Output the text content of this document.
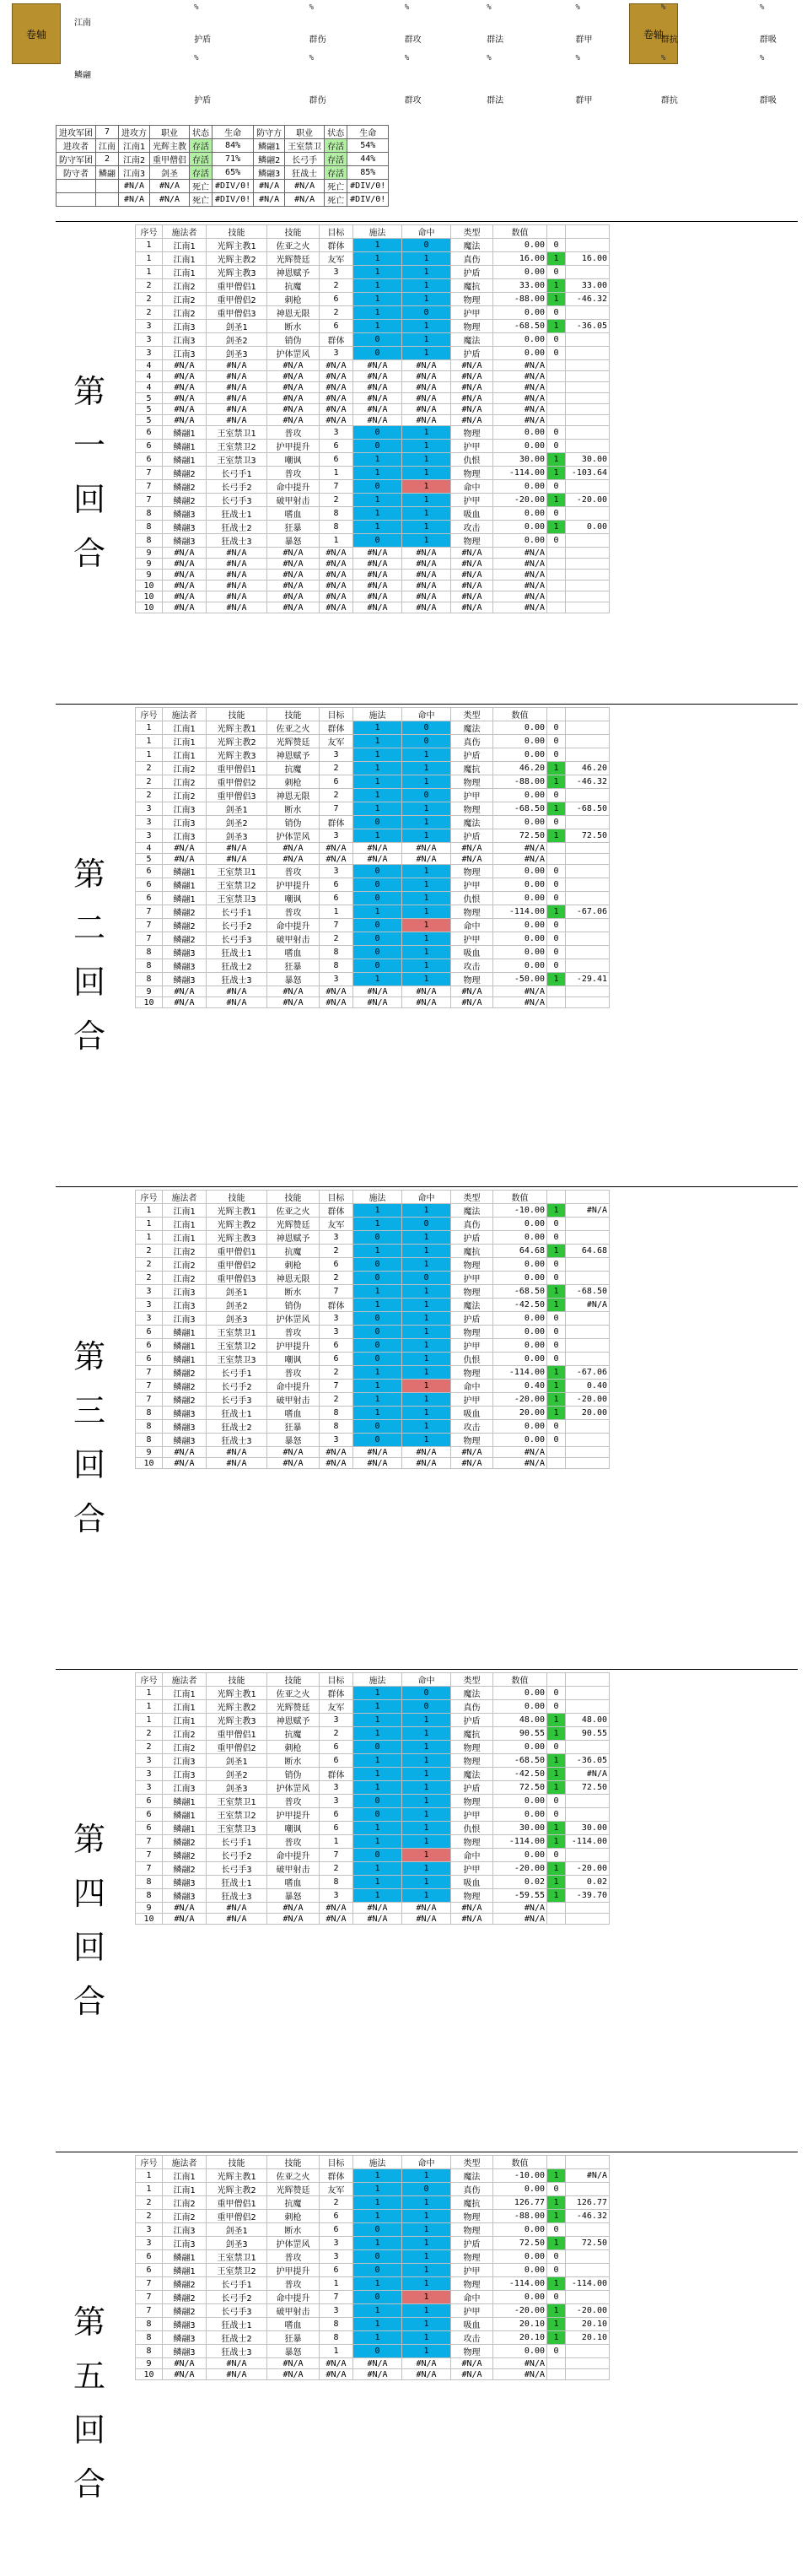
卷轴	卷轴
江南
鳞翮
%
护盾
%
群伤
%
群攻
%
群法
%
群甲
%
群抗
%
群吸
%
护盾
%
群伤
%
群攻
%
群法
%
群甲
%
群抗
%
群吸
进攻军团	7	进攻方	职业	状态	生命	防守方	职业	状态	生命
进攻者	江南	江南1	光辉主教	存活	84%	鳞翮1	王室禁卫	存活	54%
防守军团	2	江南2	重甲僧侣	存活	71%	鳞翮2	长弓手	存活	44%
防守者	鳞翮	江南3	剑圣	存活	65%	鳞翮3	狂战士	存活	85%
		#N/A	#N/A	死亡	#DIV/0!	#N/A	#N/A	死亡	#DIV/0!
		#N/A	#N/A	死亡	#DIV/0!	#N/A	#N/A	死亡	#DIV/0!
第
一
回
合
序号	施法者	技能	技能	目标	施法	命中	类型	数值		
1	江南1	光辉主教1	佐亚之火	群体	1	0	魔法	0.00	0	
1	江南1	光辉主教2	光辉赞廷	友军	1	1	真伤	16.00	1	16.00
1	江南1	光辉主教3	神恩赋予	3	1	1	护盾	0.00	0	
2	江南2	重甲僧侣1	抗魔	2	1	1	魔抗	33.00	1	33.00
2	江南2	重甲僧侣2	刺枪	6	1	1	物理	-88.00	1	-46.32
2	江南2	重甲僧侣3	神恩无限	2	1	0	护甲	0.00	0	
3	江南3	剑圣1	断水	6	1	1	物理	-68.50	1	-36.05
3	江南3	剑圣2	销伪	群体	0	1	魔法	0.00	0	
3	江南3	剑圣3	护体罡风	3	0	1	护盾	0.00	0	
4	#N/A	#N/A	#N/A	#N/A	#N/A	#N/A	#N/A	#N/A		
4	#N/A	#N/A	#N/A	#N/A	#N/A	#N/A	#N/A	#N/A		
4	#N/A	#N/A	#N/A	#N/A	#N/A	#N/A	#N/A	#N/A		
5	#N/A	#N/A	#N/A	#N/A	#N/A	#N/A	#N/A	#N/A		
5	#N/A	#N/A	#N/A	#N/A	#N/A	#N/A	#N/A	#N/A		
5	#N/A	#N/A	#N/A	#N/A	#N/A	#N/A	#N/A	#N/A		
6	鳞翮1	王室禁卫1	普攻	3	0	1	物理	0.00	0	
6	鳞翮1	王室禁卫2	护甲提升	6	0	1	护甲	0.00	0	
6	鳞翮1	王室禁卫3	嘲讽	6	1	1	仇恨	30.00	1	30.00
7	鳞翮2	长弓手1	普攻	1	1	1	物理	-114.00	1	-103.64
7	鳞翮2	长弓手2	命中提升	7	0	1	命中	0.00	0	
7	鳞翮2	长弓手3	破甲射击	2	1	1	护甲	-20.00	1	-20.00
8	鳞翮3	狂战士1	嗜血	8	1	1	吸血	0.00	0	
8	鳞翮3	狂战士2	狂暴	8	1	1	攻击	0.00	1	0.00
8	鳞翮3	狂战士3	暴怒	1	0	1	物理	0.00	0	
9	#N/A	#N/A	#N/A	#N/A	#N/A	#N/A	#N/A	#N/A		
9	#N/A	#N/A	#N/A	#N/A	#N/A	#N/A	#N/A	#N/A		
9	#N/A	#N/A	#N/A	#N/A	#N/A	#N/A	#N/A	#N/A		
10	#N/A	#N/A	#N/A	#N/A	#N/A	#N/A	#N/A	#N/A		
10	#N/A	#N/A	#N/A	#N/A	#N/A	#N/A	#N/A	#N/A		
10	#N/A	#N/A	#N/A	#N/A	#N/A	#N/A	#N/A	#N/A		
第
二
回
合
序号	施法者	技能	技能	目标	施法	命中	类型	数值		
1	江南1	光辉主教1	佐亚之火	群体	1	0	魔法	0.00	0	
1	江南1	光辉主教2	光辉赞廷	友军	1	0	真伤	0.00	0	
1	江南1	光辉主教3	神恩赋予	3	1	1	护盾	0.00	0	
2	江南2	重甲僧侣1	抗魔	2	1	1	魔抗	46.20	1	46.20
2	江南2	重甲僧侣2	刺枪	6	1	1	物理	-88.00	1	-46.32
2	江南2	重甲僧侣3	神恩无限	2	1	0	护甲	0.00	0	
3	江南3	剑圣1	断水	7	1	1	物理	-68.50	1	-68.50
3	江南3	剑圣2	销伪	群体	0	1	魔法	0.00	0	
3	江南3	剑圣3	护体罡风	3	1	1	护盾	72.50	1	72.50
4	#N/A	#N/A	#N/A	#N/A	#N/A	#N/A	#N/A	#N/A		
5	#N/A	#N/A	#N/A	#N/A	#N/A	#N/A	#N/A	#N/A		
6	鳞翮1	王室禁卫1	普攻	3	0	1	物理	0.00	0	
6	鳞翮1	王室禁卫2	护甲提升	6	0	1	护甲	0.00	0	
6	鳞翮1	王室禁卫3	嘲讽	6	0	1	仇恨	0.00	0	
7	鳞翮2	长弓手1	普攻	1	1	1	物理	-114.00	1	-67.06
7	鳞翮2	长弓手2	命中提升	7	0	1	命中	0.00	0	
7	鳞翮2	长弓手3	破甲射击	2	0	1	护甲	0.00	0	
8	鳞翮3	狂战士1	嗜血	8	0	1	吸血	0.00	0	
8	鳞翮3	狂战士2	狂暴	8	0	1	攻击	0.00	0	
8	鳞翮3	狂战士3	暴怒	3	1	1	物理	-50.00	1	-29.41
9	#N/A	#N/A	#N/A	#N/A	#N/A	#N/A	#N/A	#N/A		
10	#N/A	#N/A	#N/A	#N/A	#N/A	#N/A	#N/A	#N/A		
第
三
回
合
序号	施法者	技能	技能	目标	施法	命中	类型	数值		
1	江南1	光辉主教1	佐亚之火	群体	1	1	魔法	-10.00	1	#N/A
1	江南1	光辉主教2	光辉赞廷	友军	1	0	真伤	0.00	0	
1	江南1	光辉主教3	神恩赋予	3	0	1	护盾	0.00	0	
2	江南2	重甲僧侣1	抗魔	2	1	1	魔抗	64.68	1	64.68
2	江南2	重甲僧侣2	刺枪	6	0	1	物理	0.00	0	
2	江南2	重甲僧侣3	神恩无限	2	0	0	护甲	0.00	0	
3	江南3	剑圣1	断水	7	1	1	物理	-68.50	1	-68.50
3	江南3	剑圣2	销伪	群体	1	1	魔法	-42.50	1	#N/A
3	江南3	剑圣3	护体罡风	3	0	1	护盾	0.00	0	
6	鳞翮1	王室禁卫1	普攻	3	0	1	物理	0.00	0	
6	鳞翮1	王室禁卫2	护甲提升	6	0	1	护甲	0.00	0	
6	鳞翮1	王室禁卫3	嘲讽	6	0	1	仇恨	0.00	0	
7	鳞翮2	长弓手1	普攻	2	1	1	物理	-114.00	1	-67.06
7	鳞翮2	长弓手2	命中提升	7	1	1	命中	0.40	1	0.40
7	鳞翮2	长弓手3	破甲射击	2	1	1	护甲	-20.00	1	-20.00
8	鳞翮3	狂战士1	嗜血	8	1	1	吸血	20.00	1	20.00
8	鳞翮3	狂战士2	狂暴	8	0	1	攻击	0.00	0	
8	鳞翮3	狂战士3	暴怒	3	0	1	物理	0.00	0	
9	#N/A	#N/A	#N/A	#N/A	#N/A	#N/A	#N/A	#N/A		
10	#N/A	#N/A	#N/A	#N/A	#N/A	#N/A	#N/A	#N/A		
第
四
回
合
序号	施法者	技能	技能	目标	施法	命中	类型	数值		
1	江南1	光辉主教1	佐亚之火	群体	1	0	魔法	0.00	0	
1	江南1	光辉主教2	光辉赞廷	友军	1	0	真伤	0.00	0	
1	江南1	光辉主教3	神恩赋予	3	1	1	护盾	48.00	1	48.00
2	江南2	重甲僧侣1	抗魔	2	1	1	魔抗	90.55	1	90.55
2	江南2	重甲僧侣2	刺枪	6	0	1	物理	0.00	0	
3	江南3	剑圣1	断水	6	1	1	物理	-68.50	1	-36.05
3	江南3	剑圣2	销伪	群体	1	1	魔法	-42.50	1	#N/A
3	江南3	剑圣3	护体罡风	3	1	1	护盾	72.50	1	72.50
6	鳞翮1	王室禁卫1	普攻	3	0	1	物理	0.00	0	
6	鳞翮1	王室禁卫2	护甲提升	6	0	1	护甲	0.00	0	
6	鳞翮1	王室禁卫3	嘲讽	6	1	1	仇恨	30.00	1	30.00
7	鳞翮2	长弓手1	普攻	1	1	1	物理	-114.00	1	-114.00
7	鳞翮2	长弓手2	命中提升	7	0	1	命中	0.00	0	
7	鳞翮2	长弓手3	破甲射击	2	1	1	护甲	-20.00	1	-20.00
8	鳞翮3	狂战士1	嗜血	8	1	1	吸血	0.02	1	0.02
8	鳞翮3	狂战士3	暴怒	3	1	1	物理	-59.55	1	-39.70
9	#N/A	#N/A	#N/A	#N/A	#N/A	#N/A	#N/A	#N/A		
10	#N/A	#N/A	#N/A	#N/A	#N/A	#N/A	#N/A	#N/A		
第
五
回
合
序号	施法者	技能	技能	目标	施法	命中	类型	数值		
1	江南1	光辉主教1	佐亚之火	群体	1	1	魔法	-10.00	1	#N/A
1	江南1	光辉主教2	光辉赞廷	友军	1	0	真伤	0.00	0	
2	江南2	重甲僧侣1	抗魔	2	1	1	魔抗	126.77	1	126.77
2	江南2	重甲僧侣2	刺枪	6	1	1	物理	-88.00	1	-46.32
3	江南3	剑圣1	断水	6	0	1	物理	0.00	0	
3	江南3	剑圣3	护体罡风	3	1	1	护盾	72.50	1	72.50
6	鳞翮1	王室禁卫1	普攻	3	0	1	物理	0.00	0	
6	鳞翮1	王室禁卫2	护甲提升	6	0	1	护甲	0.00	0	
7	鳞翮2	长弓手1	普攻	1	1	1	物理	-114.00	1	-114.00
7	鳞翮2	长弓手2	命中提升	7	0	1	命中	0.00	0	
7	鳞翮2	长弓手3	破甲射击	3	1	1	护甲	-20.00	1	-20.00
8	鳞翮3	狂战士1	嗜血	8	1	1	吸血	20.10	1	20.10
8	鳞翮3	狂战士2	狂暴	8	1	1	攻击	20.10	1	20.10
8	鳞翮3	狂战士3	暴怒	1	0	1	物理	0.00	0	
9	#N/A	#N/A	#N/A	#N/A	#N/A	#N/A	#N/A	#N/A		
10	#N/A	#N/A	#N/A	#N/A	#N/A	#N/A	#N/A	#N/A		
